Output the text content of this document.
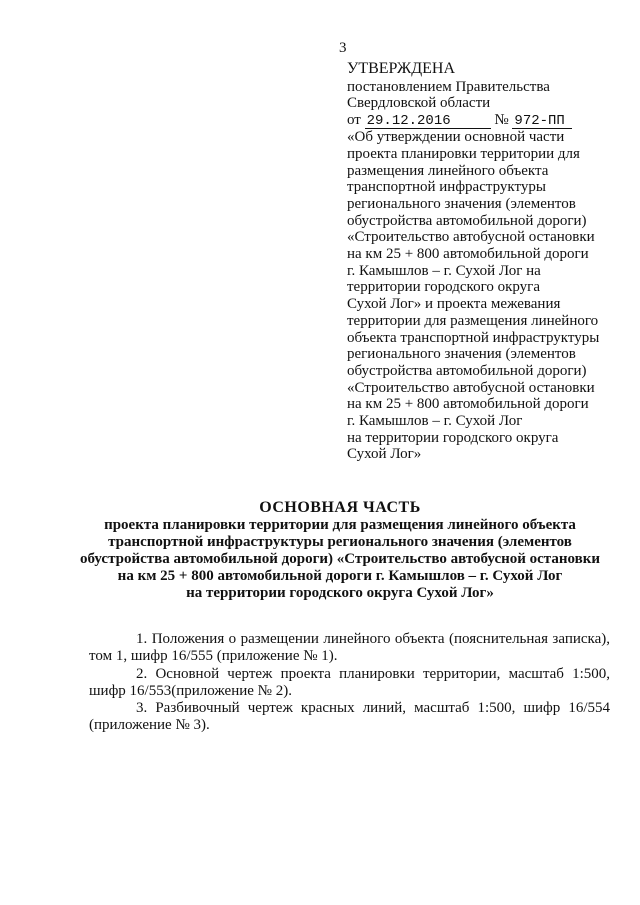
3
УТВЕРЖДЕНА
постановлением Правительства
Свердловской области
от 29.12.2016	№ 972-ПП
«Об утверждении основной части
проекта планировки территории для
размещения линейного объекта
транспортной инфраструктуры
регионального значения (элементов
обустройства автомобильной дороги)
«Строительство автобусной остановки
на км 25 + 800 автомобильной дороги
г. Камышлов – г. Сухой Лог на
территории городского округа
Сухой Лог» и проекта межевания
территории для размещения линейного
объекта транспортной инфраструктуры
регионального значения (элементов
обустройства автомобильной дороги)
«Строительство автобусной остановки
на км 25 + 800 автомобильной дороги
г. Камышлов – г. Сухой Лог
на территории городского округа
Сухой Лог»
ОСНОВНАЯ ЧАСТЬ
проекта планировки территории для размещения линейного объекта
транспортной инфраструктуры регионального значения (элементов
обустройства автомобильной дороги) «Строительство автобусной остановки
на км 25 + 800 автомобильной дороги г. Камышлов – г. Сухой Лог
на территории городского округа Сухой Лог»
1. Положения о размещении линейного объекта (пояснительная записка),
том 1, шифр 16/555 (приложение № 1).
2. Основной чертеж проекта планировки территории, масштаб 1:500,
шифр 16/553(приложение № 2).
3. Разбивочный чертеж красных линий, масштаб 1:500, шифр 16/554
(приложение № 3).
